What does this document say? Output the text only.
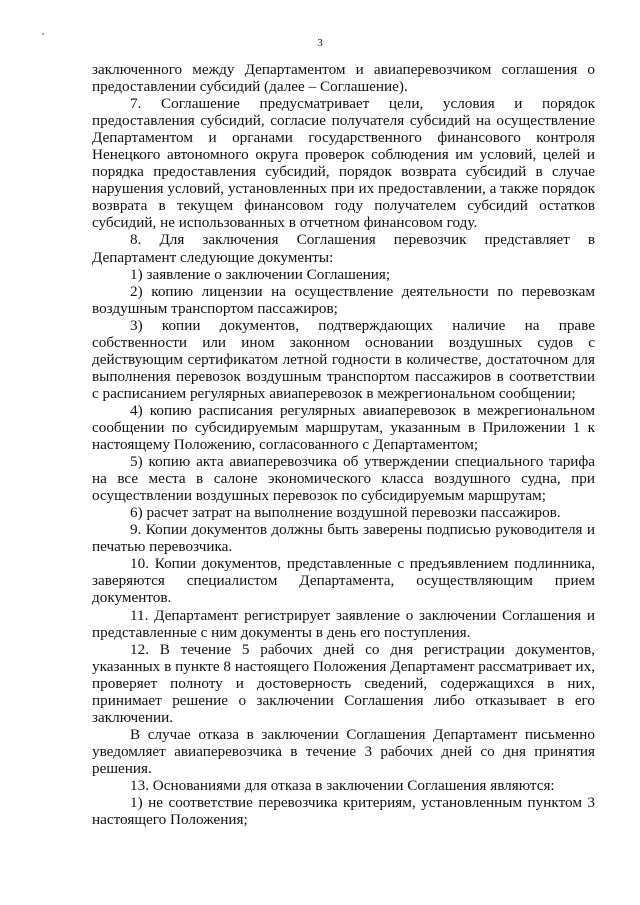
3

заключенного между Департаментом и авиаперевозчиком соглашения о предоставлении субсидий (далее – Соглашение).

7. Соглашение предусматривает цели, условия и порядок предоставления субсидий, согласие получателя субсидий на осуществление Департаментом и органами государственного финансового контроля Ненецкого автономного округа проверок соблюдения им условий, целей и порядка предоставления субсидий, порядок возврата субсидий в случае нарушения условий, установленных при их предоставлении, а также порядок возврата в текущем финансовом году получателем субсидий остатков субсидий, не использованных в отчетном финансовом году.

8. Для заключения Соглашения перевозчик представляет в Департамент следующие документы:

1) заявление о заключении Соглашения;

2) копию лицензии на осуществление деятельности по перевозкам воздушным транспортом пассажиров;

3) копии документов, подтверждающих наличие на праве собственности или ином законном основании воздушных судов с действующим сертификатом летной годности в количестве, достаточном для выполнения перевозок воздушным транспортом пассажиров в соответствии с расписанием регулярных авиаперевозок в межрегиональном сообщении;

4) копию расписания регулярных авиаперевозок в межрегиональном сообщении по субсидируемым маршрутам, указанным в Приложении 1 к настоящему Положению, согласованного с Департаментом;

5) копию акта авиаперевозчика об утверждении специального тарифа на все места в салоне экономического класса воздушного судна, при осуществлении воздушных перевозок по субсидируемым маршрутам;

6) расчет затрат на выполнение воздушной перевозки пассажиров.

9. Копии документов должны быть заверены подписью руководителя и печатью перевозчика.

10. Копии документов, представленные с предъявлением подлинника, заверяются специалистом Департамента, осуществляющим прием документов.

11. Департамент регистрирует заявление о заключении Соглашения и представленные с ним документы в день его поступления.

12. В течение 5 рабочих дней со дня регистрации документов, указанных в пункте 8 настоящего Положения Департамент рассматривает их, проверяет полноту и достоверность сведений, содержащихся в них, принимает решение о заключении Соглашения либо отказывает в его заключении.

В случае отказа в заключении Соглашения Департамент письменно уведомляет авиаперевозчика в течение 3 рабочих дней со дня принятия решения.

13. Основаниями для отказа в заключении Соглашения являются:

1) не соответствие перевозчика критериям, установленным пунктом 3 настоящего Положения;
